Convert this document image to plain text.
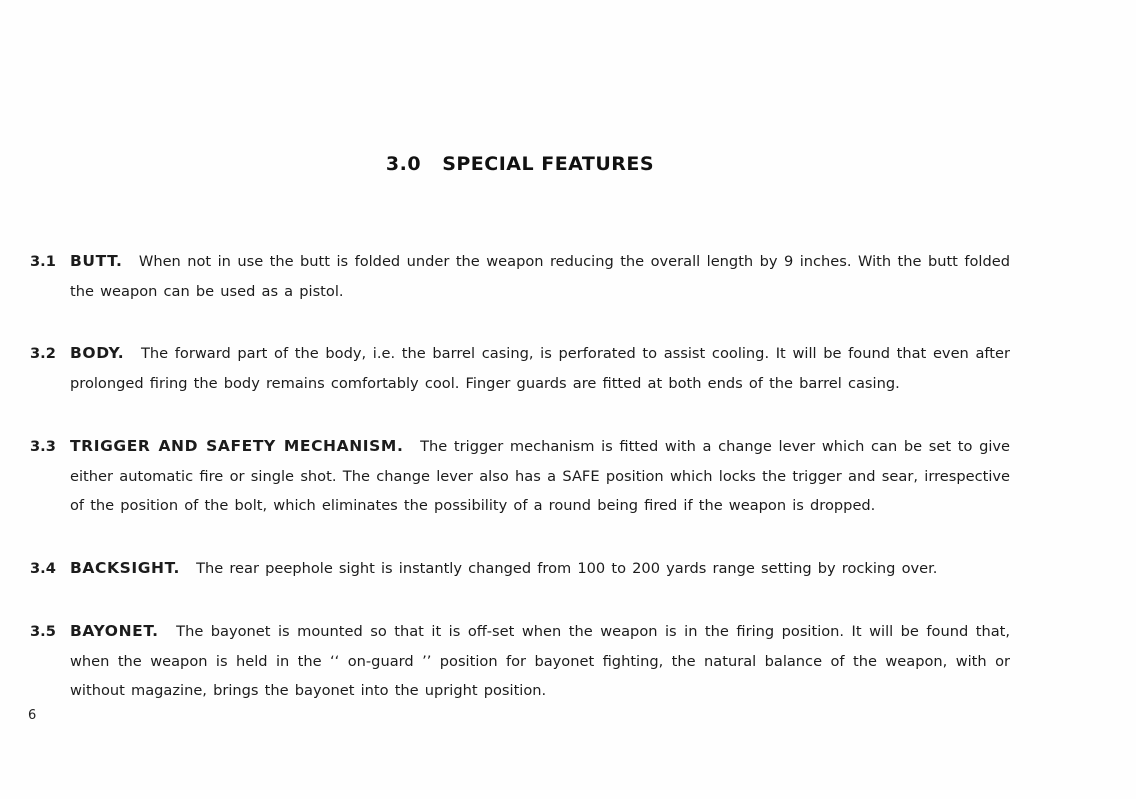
3.0 SPECIAL FEATURES
3.1 BUTT. When not in use the butt is folded under the weapon reducing the overall length by 9 inches. With the butt folded the weapon can be used as a pistol.
3.2 BODY. The forward part of the body, i.e. the barrel casing, is perforated to assist cooling. It will be found that even after prolonged firing the body remains comfortably cool. Finger guards are fitted at both ends of the barrel casing.
3.3 TRIGGER AND SAFETY MECHANISM. The trigger mechanism is fitted with a change lever which can be set to give either automatic fire or single shot. The change lever also has a SAFE position which locks the trigger and sear, irrespective of the position of the bolt, which eliminates the possibility of a round being fired if the weapon is dropped.
3.4 BACKSIGHT. The rear peephole sight is instantly changed from 100 to 200 yards range setting by rocking over.
3.5 BAYONET. The bayonet is mounted so that it is off-set when the weapon is in the firing position. It will be found that, when the weapon is held in the ‘‘ on-guard ’’ position for bayonet fighting, the natural balance of the weapon, with or without magazine, brings the bayonet into the upright position.
6
